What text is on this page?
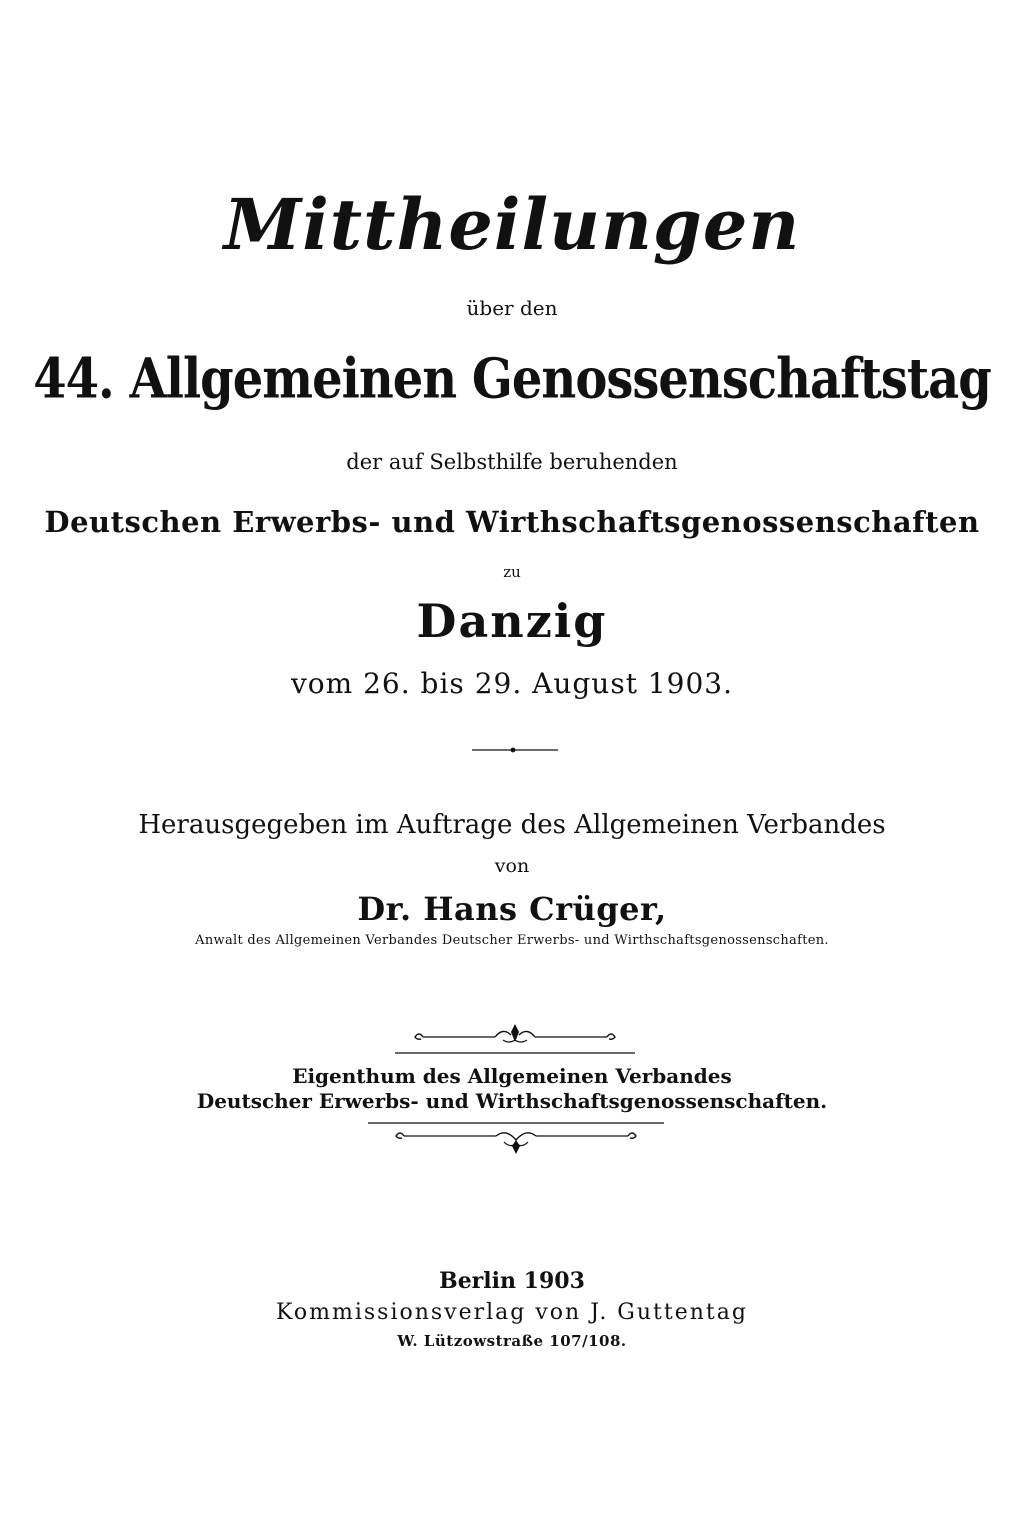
Mittheilungen
über den
44. Allgemeinen Genossenschaftstag
der auf Selbsthilfe beruhenden
Deutschen Erwerbs- und Wirthschaftsgenossenschaften
zu
Danzig
vom 26. bis 29. August 1903.
Herausgegeben im Auftrage des Allgemeinen Verbandes
von
Dr. Hans Crüger,
Anwalt des Allgemeinen Verbandes Deutscher Erwerbs- und Wirthschaftsgenossenschaften.
Eigenthum des Allgemeinen Verbandes
Deutscher Erwerbs- und Wirthschaftsgenossenschaften.
Berlin 1903
Kommissionsverlag von J. Guttentag
W. Lützowstraße 107/108.
